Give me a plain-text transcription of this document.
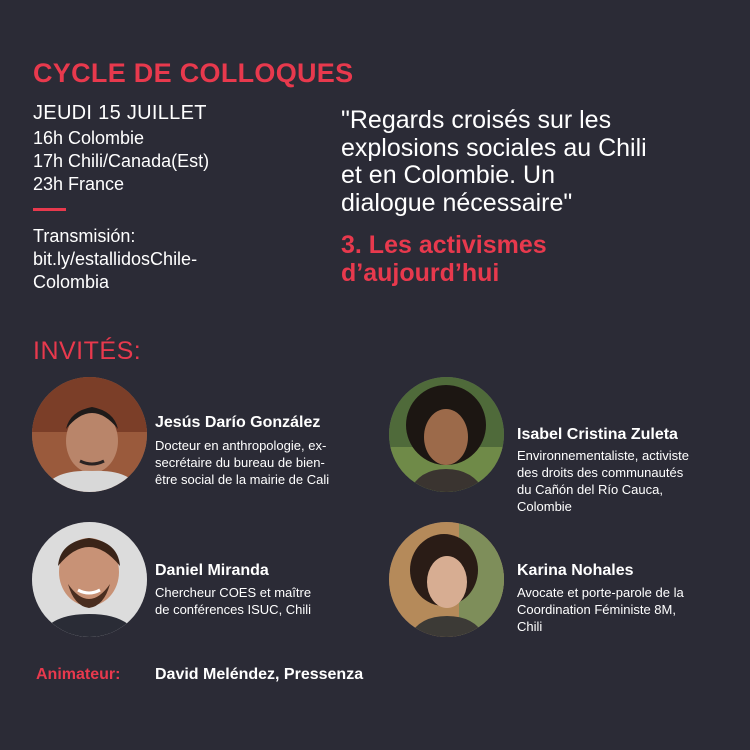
CYCLE DE COLLOQUES
JEUDI 15 JUILLET
16h Colombie
17h Chili/Canada(Est)
23h France
Transmisión:
bit.ly/estallidosChile-
Colombia
"Regards croisés sur les
explosions sociales au Chili
et en Colombie. Un
dialogue nécessaire"
3. Les activismes
d’aujourd’hui
INVITÉS:
Jesús Darío González
Docteur en anthropologie, ex-
secrétaire du bureau de bien-
être social de la mairie de Cali
Isabel Cristina Zuleta
Environnementaliste, activiste
des droits des communautés
du Cañón del Río Cauca,
Colombie
Daniel Miranda
Chercheur COES et maître
de conférences ISUC, Chili
Karina Nohales
Avocate et porte-parole de la
Coordination Féministe 8M,
Chili
Animateur: David Meléndez, Pressenza
